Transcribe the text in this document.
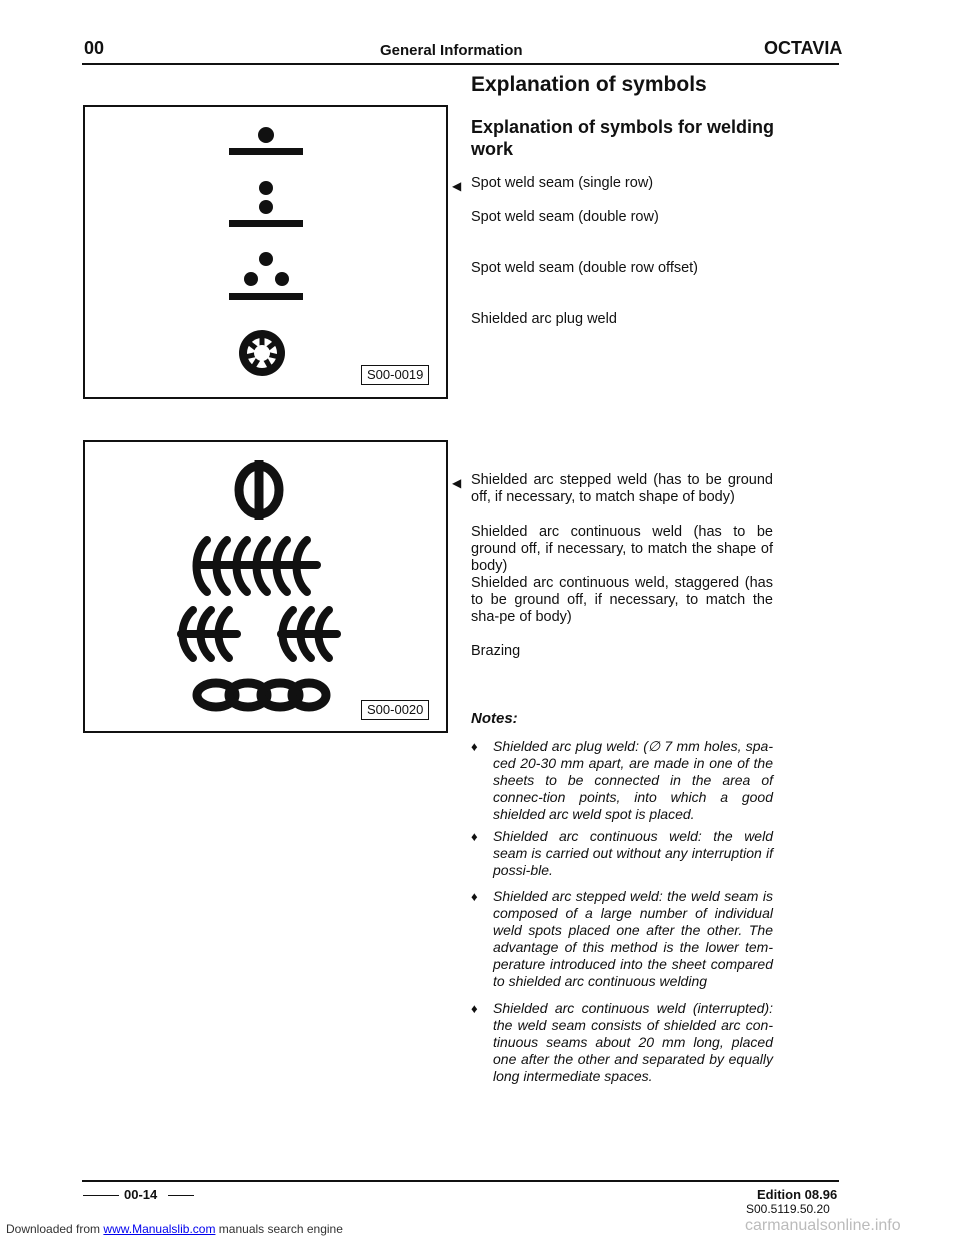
00	General Information	OCTAVIA
Explanation of symbols
Explanation of symbols for welding work
S00-0019
◀ Spot weld seam (single row)
Spot weld seam (double row)
Spot weld seam (double row offset)
Shielded arc plug weld
S00-0020
◀ Shielded arc stepped weld (has to be ground off, if necessary, to match shape of body)
Shielded arc continuous weld (has to be ground off, if necessary, to match the shape of body)
Shielded arc continuous weld, staggered (has to be ground off, if necessary, to match the sha-pe of body)
Brazing
Notes:
♦ Shielded arc plug weld: (∅ 7 mm holes, spa-ced 20-30 mm apart, are made in one of the sheets to be connected in the area of connec-tion points, into which a good shielded arc weld spot is placed.
♦ Shielded arc continuous weld: the weld seam is carried out without any interruption if possi-ble.
♦ Shielded arc stepped weld: the weld seam is composed of a large number of individual weld spots placed one after the other. The advantage of this method is the lower tem-perature introduced into the sheet compared to shielded arc continuous welding
♦ Shielded arc continuous weld (interrupted): the weld seam consists of shielded arc con-tinuous seams about 20 mm long, placed one after the other and separated by equally long intermediate spaces.
00-14	Edition 08.96
S00.5119.50.20
Downloaded from www.Manualslib.com manuals search engine	carmanualsonline.info
